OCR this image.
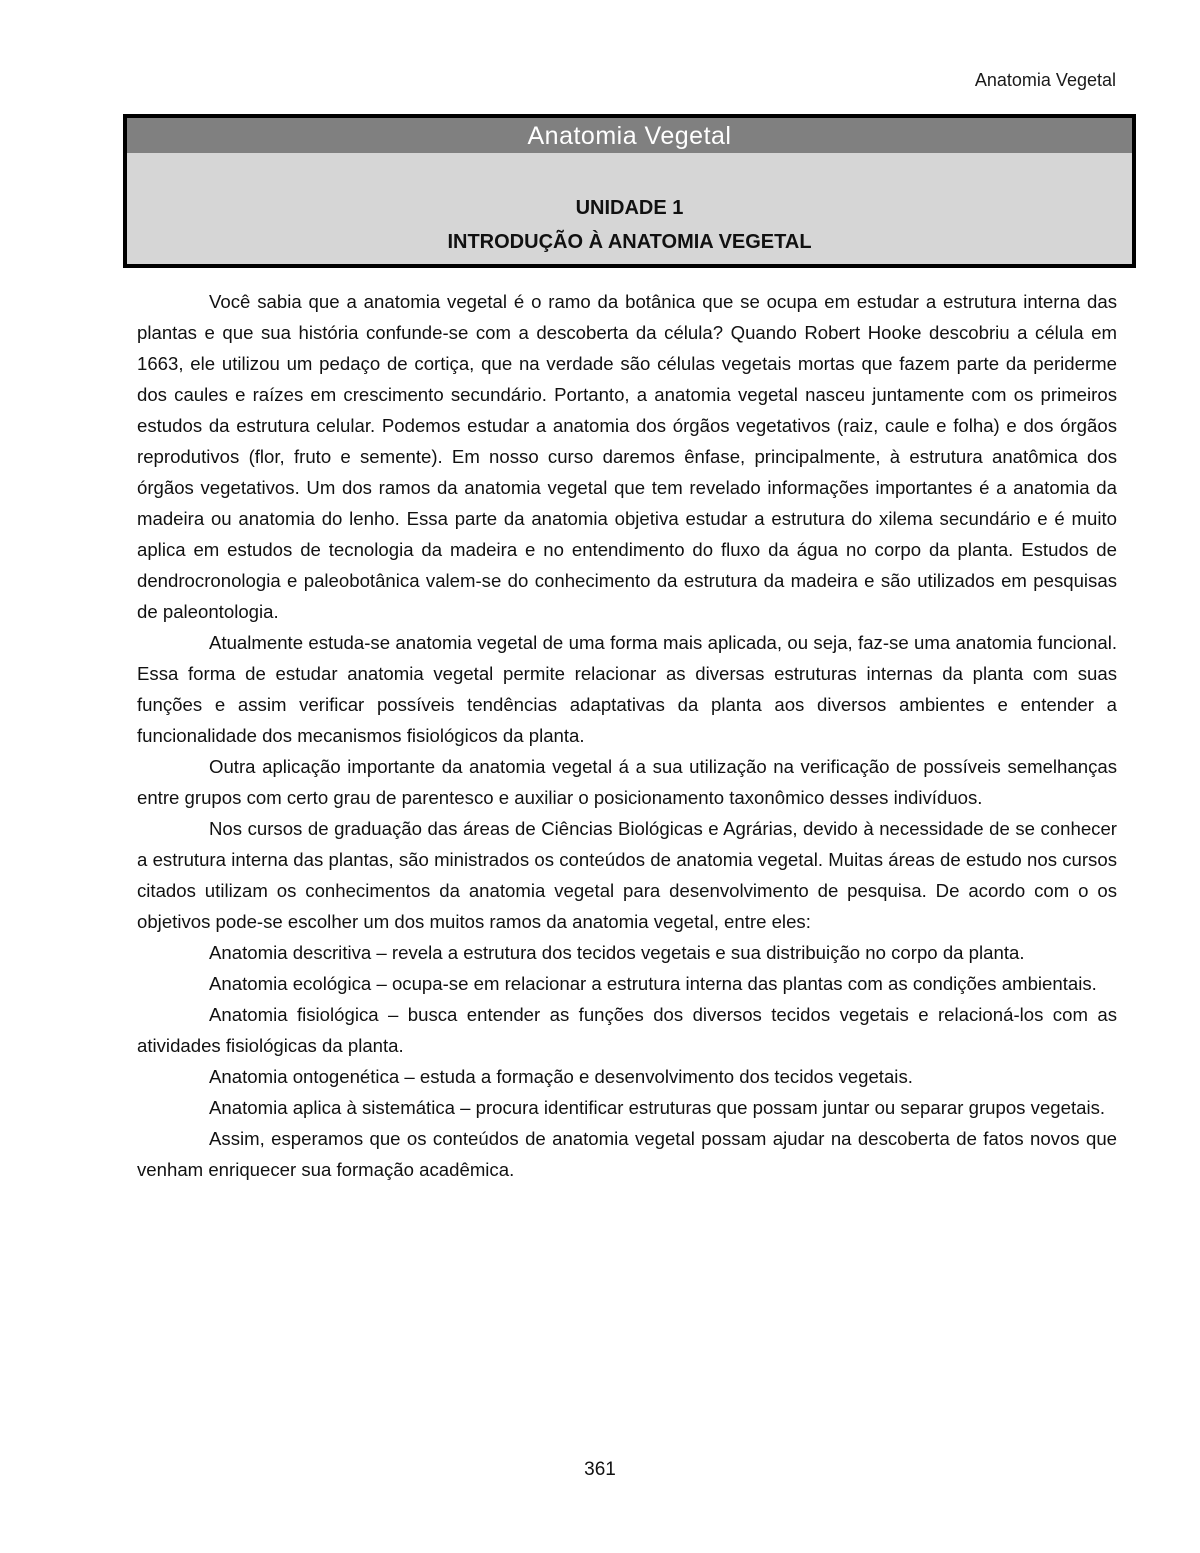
Anatomia Vegetal
Anatomia Vegetal
UNIDADE 1
INTRODUÇÃO À ANATOMIA VEGETAL

Você sabia que a anatomia vegetal é o ramo da botânica que se ocupa em estudar a estrutura interna das plantas e que sua história confunde-se com a descoberta da célula? Quando Robert Hooke descobriu a célula em 1663, ele utilizou um pedaço de cortiça, que na verdade são células vegetais mortas que fazem parte da periderme dos caules e raízes em crescimento secundário. Portanto, a anatomia vegetal nasceu juntamente com os primeiros estudos da estrutura celular. Podemos estudar a anatomia dos órgãos vegetativos (raiz, caule e folha) e dos órgãos reprodutivos (flor, fruto e semente). Em nosso curso daremos ênfase, principalmente, à estrutura anatômica dos órgãos vegetativos. Um dos ramos da anatomia vegetal que tem revelado informações importantes é a anatomia da madeira ou anatomia do lenho. Essa parte da anatomia objetiva estudar a estrutura do xilema secundário e é muito aplica em estudos de tecnologia da madeira e no entendimento do fluxo da água no corpo da planta. Estudos de dendrocronologia e paleobotânica valem-se do conhecimento da estrutura da madeira e são utilizados em pesquisas de paleontologia.

Atualmente estuda-se anatomia vegetal de uma forma mais aplicada, ou seja, faz-se uma anatomia funcional. Essa forma de estudar anatomia vegetal permite relacionar as diversas estruturas internas da planta com suas funções e assim verificar possíveis tendências adaptativas da planta aos diversos ambientes e entender a funcionalidade dos mecanismos fisiológicos da planta.

Outra aplicação importante da anatomia vegetal á a sua utilização na verificação de possíveis semelhanças entre grupos com certo grau de parentesco e auxiliar o posicionamento taxonômico desses indivíduos.

Nos cursos de graduação das áreas de Ciências Biológicas e Agrárias, devido à necessidade de se conhecer a estrutura interna das plantas, são ministrados os conteúdos de anatomia vegetal. Muitas áreas de estudo nos cursos citados utilizam os conhecimentos da anatomia vegetal para desenvolvimento de pesquisa. De acordo com o os objetivos pode-se escolher um dos muitos ramos da anatomia vegetal, entre eles:

Anatomia descritiva – revela a estrutura dos tecidos vegetais e sua distribuição no corpo da planta.

Anatomia ecológica – ocupa-se em relacionar a estrutura interna das plantas com as condições ambientais.

Anatomia fisiológica – busca entender as funções dos diversos tecidos vegetais e relacioná-los com as atividades fisiológicas da planta.

Anatomia ontogenética – estuda a formação e desenvolvimento dos tecidos vegetais.

Anatomia aplica à sistemática – procura identificar estruturas que possam juntar ou separar grupos vegetais.

Assim, esperamos que os conteúdos de anatomia vegetal possam ajudar na descoberta de fatos novos que venham enriquecer sua formação acadêmica.

361
